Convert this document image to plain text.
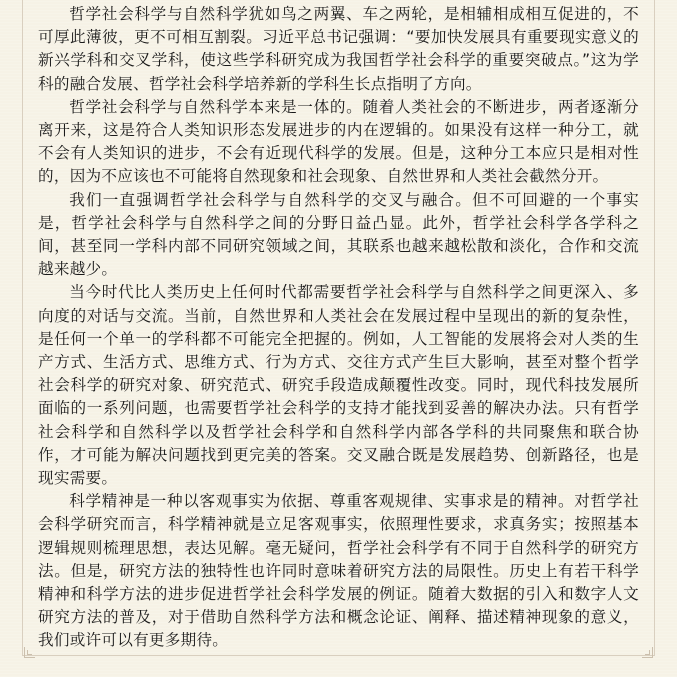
哲学社会科学与自然科学犹如鸟之两翼、车之两轮，是相辅相成相互促进的，不可厚此薄彼，更不可相互割裂。习近平总书记强调：“要加快发展具有重要现实意义的新兴学科和交叉学科，使这些学科研究成为我国哲学社会科学的重要突破点。”这为学科的融合发展、哲学社会科学培养新的学科生长点指明了方向。

哲学社会科学与自然科学本来是一体的。随着人类社会的不断进步，两者逐渐分离开来，这是符合人类知识形态发展进步的内在逻辑的。如果没有这样一种分工，就不会有人类知识的进步，不会有近现代科学的发展。但是，这种分工本应只是相对性的，因为不应该也不可能将自然现象和社会现象、自然世界和人类社会截然分开。

我们一直强调哲学社会科学与自然科学的交叉与融合。但不可回避的一个事实是，哲学社会科学与自然科学之间的分野日益凸显。此外，哲学社会科学各学科之间，甚至同一学科内部不同研究领域之间，其联系也越来越松散和淡化，合作和交流越来越少。

当今时代比人类历史上任何时代都需要哲学社会科学与自然科学之间更深入、多向度的对话与交流。当前，自然世界和人类社会在发展过程中呈现出的新的复杂性，是任何一个单一的学科都不可能完全把握的。例如，人工智能的发展将会对人类的生产方式、生活方式、思维方式、行为方式、交往方式产生巨大影响，甚至对整个哲学社会科学的研究对象、研究范式、研究手段造成颠覆性改变。同时，现代科技发展所面临的一系列问题，也需要哲学社会科学的支持才能找到妥善的解决办法。只有哲学社会科学和自然科学以及哲学社会科学和自然科学内部各学科的共同聚焦和联合协作，才可能为解决问题找到更完美的答案。交叉融合既是发展趋势、创新路径，也是现实需要。

科学精神是一种以客观事实为依据、尊重客观规律、实事求是的精神。对哲学社会科学研究而言，科学精神就是立足客观事实，依照理性要求，求真务实；按照基本逻辑规则梳理思想，表达见解。毫无疑问，哲学社会科学有不同于自然科学的研究方法。但是，研究方法的独特性也许同时意味着研究方法的局限性。历史上有若干科学精神和科学方法的进步促进哲学社会科学发展的例证。随着大数据的引入和数字人文研究方法的普及，对于借助自然科学方法和概念论证、阐释、描述精神现象的意义，我们或许可以有更多期待。
